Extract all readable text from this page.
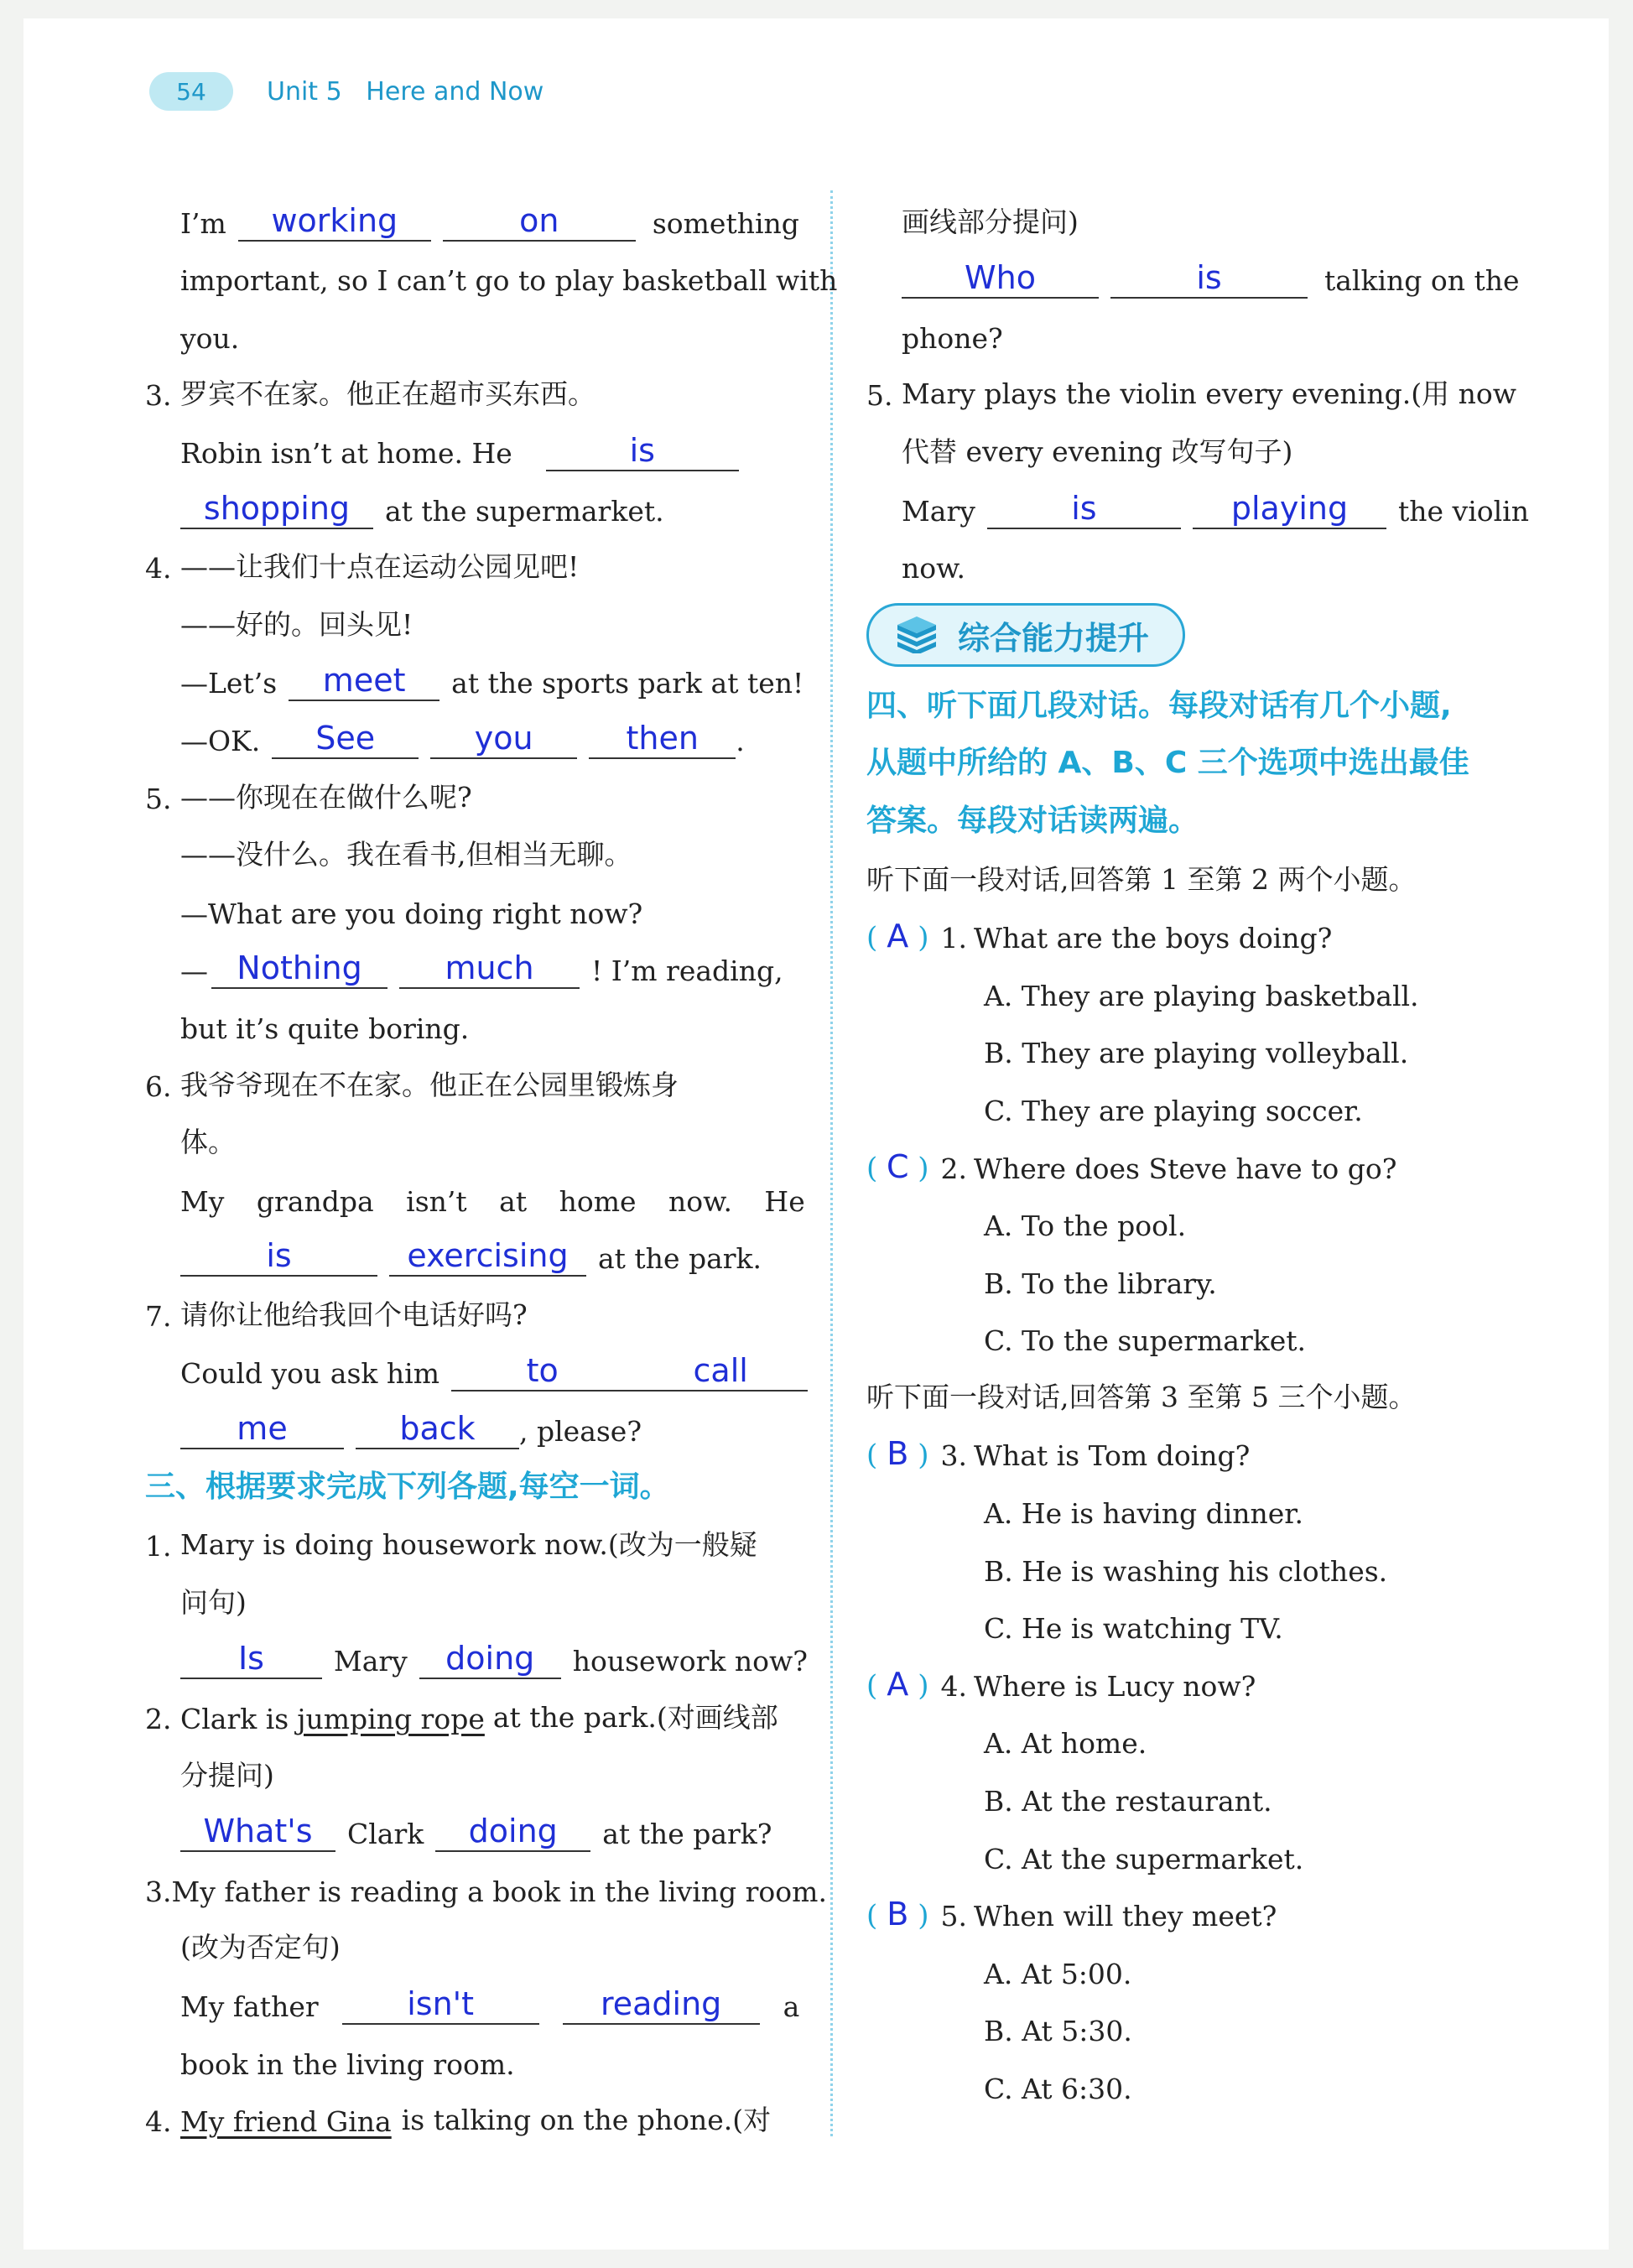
54	Unit 5   Here and Now
I’m	working	on	something
important, so I can’t go to play basketball with
you.
3. 罗宾不在家。他正在超市买东西。
Robin isn’t at home. He	is
shopping	at the supermarket.
4. ——让我们十点在运动公园见吧!
——好的。回头见!
—Let’s	meet	at the sports park at ten!
—OK.	See	you	then	.
5. ——你现在在做什么呢?
——没什么。我在看书,但相当无聊。
—What are you doing right now?
— Nothing	much	! I’m reading,
but it’s quite boring.
6. 我爷爷现在不在家。他正在公园里锻炼身
体。
My grandpa isn’t at home now. He
is	exercising	at the park.
7. 请你让他给我回个电话好吗?
Could you ask him	to	call
me	back	, please?
三、根据要求完成下列各题,每空一词。
1. Mary is doing housework now.(改为一般疑
问句)
Is	Mary	doing	housework now?
2. Clark is jumping rope at the park.(对画线部
分提问)
What's	Clark	doing	at the park?
3. My father is reading a book in the living room.
(改为否定句)
My father	isn't	reading	a
book in the living room.
4. My friend Gina is talking on the phone.(对
画线部分提问)
Who	is	talking on the
phone?
5. Mary plays the violin every evening.(用 now
代替 every evening 改写句子)
Mary	is	playing	the violin
now.
综合能力提升
四、听下面几段对话。每段对话有几个小题,
从题中所给的 A、B、C 三个选项中选出最佳
答案。每段对话读两遍。
听下面一段对话,回答第 1 至第 2 两个小题。
( A ) 1. What are the boys doing?
A. They are playing basketball.
B. They are playing volleyball.
C. They are playing soccer.
( C ) 2. Where does Steve have to go?
A. To the pool.
B. To the library.
C. To the supermarket.
听下面一段对话,回答第 3 至第 5 三个小题。
( B ) 3. What is Tom doing?
A. He is having dinner.
B. He is washing his clothes.
C. He is watching TV.
( A ) 4. Where is Lucy now?
A. At home.
B. At the restaurant.
C. At the supermarket.
( B ) 5. When will they meet?
A. At 5:00.
B. At 5:30.
C. At 6:30.
